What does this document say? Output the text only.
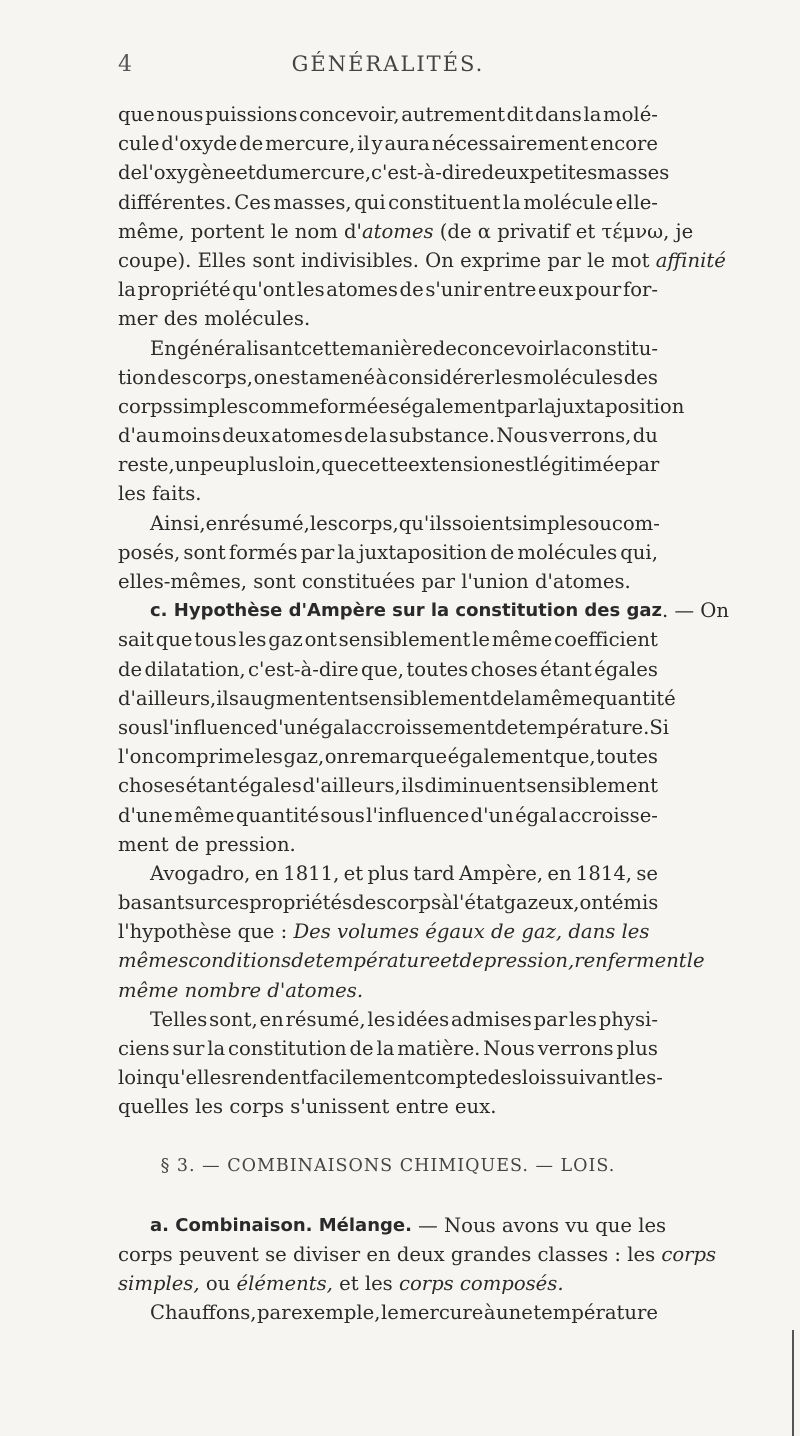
4	GÉNÉRALITÉS.
que nous puissions concevoir, autrement dit dans la molé-
cule d'oxyde de mercure, il y aura nécessairement encore
de l'oxygène et du mercure, c'est-à-dire deux petites masses
différentes. Ces masses, qui constituent la molécule elle-
même, portent le nom d' atomes (de α privatif et τέμνω, je
coupe). Elles sont indivisibles. On exprime par le mot affinité
la propriété qu'ont les atomes de s'unir entre eux pour for-
mer des molécules.
En généralisant cette manière de concevoir la constitu-
tion des corps, on est amené à considérer les molécules des
corps simples comme formées également par la juxtaposition
d'au moins deux atomes de la substance. Nous verrons, du
reste, un peu plus loin, que cette extension est légitimée par
les faits.
Ainsi, en résumé, les corps, qu'ils soient simples ou com-
posés, sont formés par la juxtaposition de molécules qui,
elles-mêmes, sont constituées par l'union d'atomes.
c. Hypothèse d'Ampère sur la constitution des gaz . — On
sait que tous les gaz ont sensiblement le même coefficient
de dilatation, c'est-à-dire que, toutes choses étant égales
d'ailleurs, ils augmentent sensiblement de la même quantité
sous l'influence d'un égal accroissement de température. Si
l'on comprime les gaz, on remarque également que, toutes
choses étant égales d'ailleurs, ils diminuent sensiblement
d'une même quantité sous l'influence d'un égal accroisse-
ment de pression.
Avogadro, en 1811, et plus tard Ampère, en 1814, se
basant sur ces propriétés des corps à l'état gazeux, ont émis
l'hypothèse que : Des volumes égaux de gaz, dans les
mêmes conditions de température et de pression, renferment le
même nombre d'atomes.
Telles sont, en résumé, les idées admises par les physi-
ciens sur la constitution de la matière. Nous verrons plus
loin qu'elles rendent facilement compte des lois suivant les-
quelles les corps s'unissent entre eux.
§ 3. — COMBINAISONS CHIMIQUES. — LOIS.
a. Combinaison. Mélange. — Nous avons vu que les
corps peuvent se diviser en deux grandes classes : les corps
simples, ou éléments, et les corps composés.
Chauffons, par exemple, le mercure à une température
